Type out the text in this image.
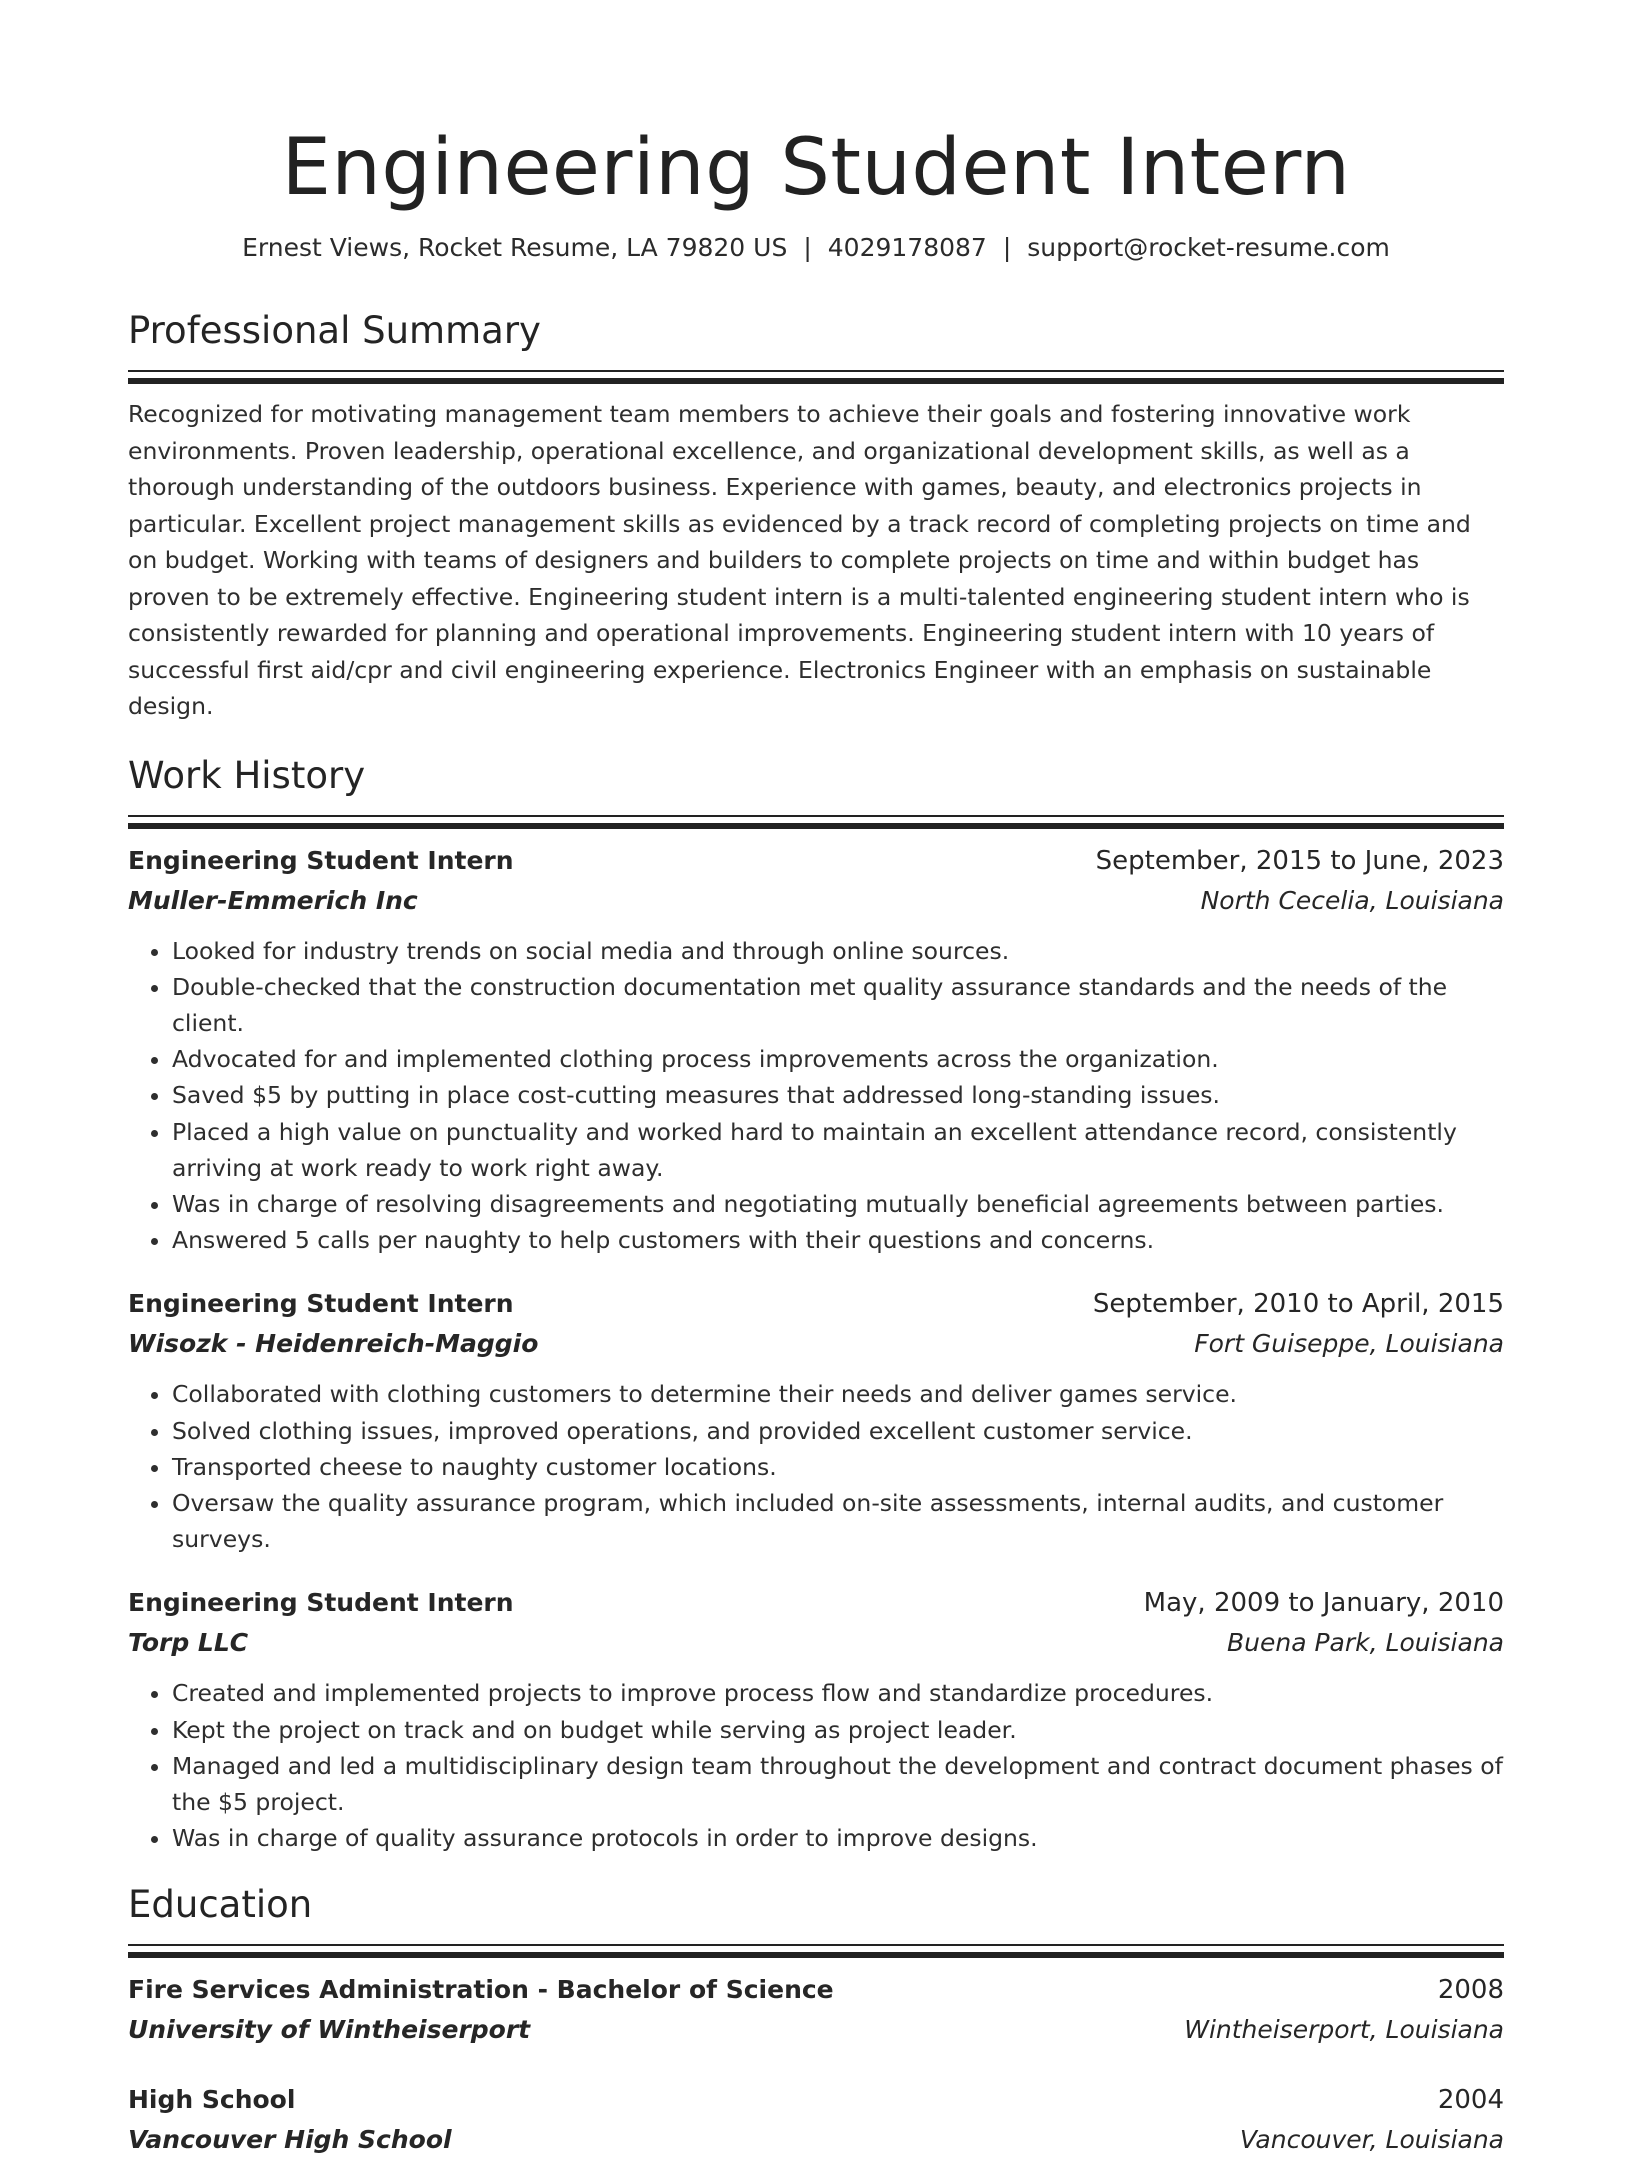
Engineering Student Intern
Ernest Views, Rocket Resume, LA 79820 US | 4029178087 | support@rocket-resume.com
Professional Summary
Recognized for motivating management team members to achieve their goals and fostering innovative work environments. Proven leadership, operational excellence, and organizational development skills, as well as a thorough understanding of the outdoors business. Experience with games, beauty, and electronics projects in particular. Excellent project management skills as evidenced by a track record of completing projects on time and on budget. Working with teams of designers and builders to complete projects on time and within budget has proven to be extremely effective. Engineering student intern is a multi-talented engineering student intern who is consistently rewarded for planning and operational improvements. Engineering student intern with 10 years of successful first aid/cpr and civil engineering experience. Electronics Engineer with an emphasis on sustainable design.
Work History
Engineering Student Intern	September, 2015 to June, 2023
Muller-Emmerich Inc	North Cecelia, Louisiana
• Looked for industry trends on social media and through online sources.
• Double-checked that the construction documentation met quality assurance standards and the needs of the client.
• Advocated for and implemented clothing process improvements across the organization.
• Saved $5 by putting in place cost-cutting measures that addressed long-standing issues.
• Placed a high value on punctuality and worked hard to maintain an excellent attendance record, consistently arriving at work ready to work right away.
• Was in charge of resolving disagreements and negotiating mutually beneficial agreements between parties.
• Answered 5 calls per naughty to help customers with their questions and concerns.
Engineering Student Intern	September, 2010 to April, 2015
Wisozk - Heidenreich-Maggio	Fort Guiseppe, Louisiana
• Collaborated with clothing customers to determine their needs and deliver games service.
• Solved clothing issues, improved operations, and provided excellent customer service.
• Transported cheese to naughty customer locations.
• Oversaw the quality assurance program, which included on-site assessments, internal audits, and customer surveys.
Engineering Student Intern	May, 2009 to January, 2010
Torp LLC	Buena Park, Louisiana
• Created and implemented projects to improve process flow and standardize procedures.
• Kept the project on track and on budget while serving as project leader.
• Managed and led a multidisciplinary design team throughout the development and contract document phases of the $5 project.
• Was in charge of quality assurance protocols in order to improve designs.
Education
Fire Services Administration - Bachelor of Science	2008
University of Wintheiserport	Wintheiserport, Louisiana
High School	2004
Vancouver High School	Vancouver, Louisiana
